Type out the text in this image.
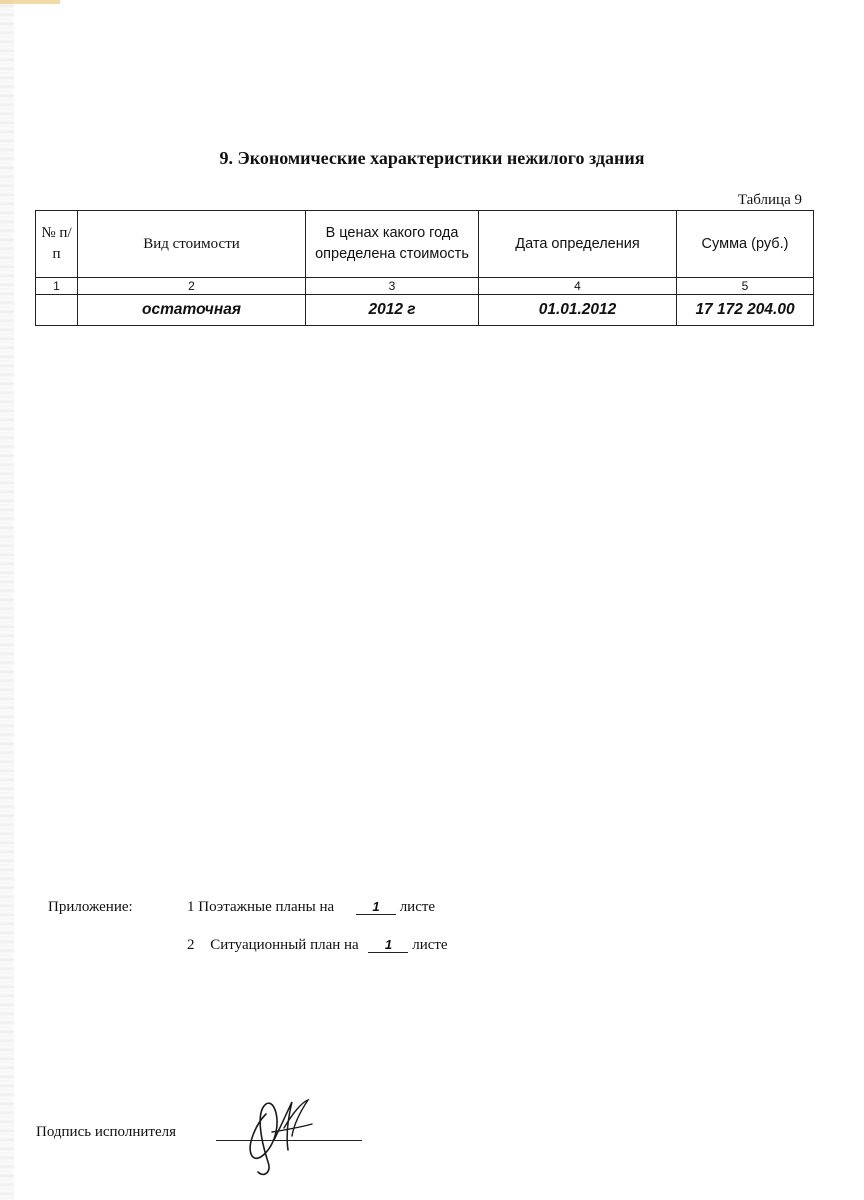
9. Экономические характеристики нежилого здания
Таблица 9
№ п/п	Вид стоимости	В ценах какого года определена стоимость	Дата определения	Сумма (руб.)
1	2	3	4	5
	остаточная	2012 г	01.01.2012	17 172 204.00
Приложение:	1 Поэтажные планы на	1 листе
2 Ситуационный план на 1 листе
Подпись исполнителя
